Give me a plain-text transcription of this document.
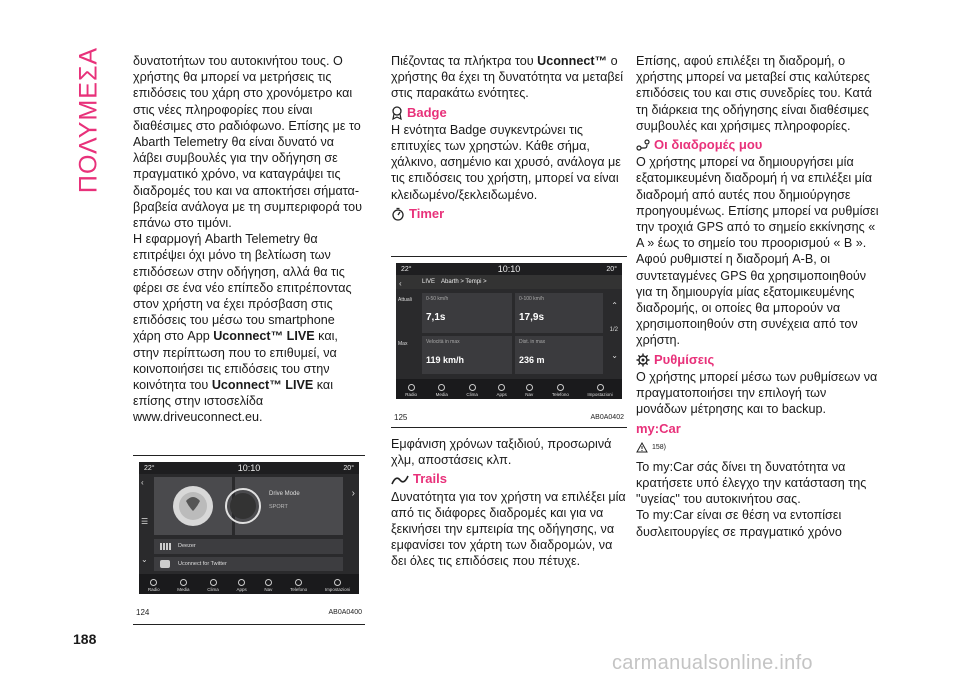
ΠΟΛΥΜΕΣΑ
188

δυνατοτήτων του αυτοκινήτου τους. Ο χρήστης θα μπορεί να μετρήσεις τις επιδόσεις του χάρη στο χρονόμετρο και στις νέες πληροφορίες που είναι διαθέσιμες στο ραδιόφωνο. Επίσης με το Abarth Telemetry θα είναι δυνατό να λάβει συμβουλές για την οδήγηση σε πραγματικό χρόνο, να καταγράψει τις διαδρομές του και να αποκτήσει σήματα-βραβεία ανάλογα με τη συμπεριφορά του επάνω στο τιμόνι.

Η εφαρμογή Abarth Telemetry θα επιτρέψει όχι μόνο τη βελτίωση των επιδόσεων στην οδήγηση, αλλά θα τις φέρει σε ένα νέο επίπεδο επιτρέποντας στον χρήστη να έχει πρόσβαση στις επιδόσεις του μέσω του smartphone χάρη στο App Uconnect™ LIVE και, στην περίπτωση που το επιθυμεί, να κοινοποιήσει τις επιδόσεις του στην κοινότητα του Uconnect™ LIVE και επίσης στην ιστοσελίδα www.driveuconnect.eu.

22°	10:10	20°
‹
☰
⌄
Drive Mode
SPORT
›
Deezer
Uconnect for Twitter
Radio	Media	Clima	Apps	Nav	Telefono	Impostazioni
124	AB0A0400

Πιέζοντας τα πλήκτρα του Uconnect™ ο χρήστης θα έχει τη δυνατότητα να μεταβεί στις παρακάτω ενότητες.

Badge

Η ενότητα Badge συγκεντρώνει τις επιτυχίες των χρηστών. Κάθε σήμα, χάλκινο, ασημένιο και χρυσό, ανάλογα με τις επιδόσεις του χρήστη, μπορεί να είναι κλειδωμένο/ξεκλειδωμένο.

Timer
22°	10:10	20°
LIVE Abarth > Tempi >
‹
Attuali
Max
0-50 km/h
7,1s
0-100 km/h
17,9s
Velocità in max
119 km/h
Dist. in max
236 m
⌃
1/2
⌄
Radio	Media	Clima	Apps	Nav	Telefono	Impostazioni
125	AB0A0402

Εμφάνιση χρόνων ταξιδιού, προσωρινά χλμ, αποστάσεις κλπ.

Trails

Δυνατότητα για τον χρήστη να επιλέξει μία από τις διάφορες διαδρομές και για να ξεκινήσει την εμπειρία της οδήγησης, να εμφανίσει τον χάρτη των διαδρομών, να δει όλες τις επιδόσεις που πέτυχε.

Επίσης, αφού επιλέξει τη διαδρομή, ο χρήστης μπορεί να μεταβεί στις καλύτερες επιδόσεις του και στις συνεδρίες του. Κατά τη διάρκεια της οδήγησης είναι διαθέσιμες συμβουλές και χρήσιμες πληροφορίες.

Οι διαδρομές μου

Ο χρήστης μπορεί να δημιουργήσει μία εξατομικευμένη διαδρομή ή να επιλέξει μία διαδρομή από αυτές που δημιούργησε προηγουμένως. Επίσης μπορεί να ρυθμίσει την τροχιά GPS από το σημείο εκκίνησης « A » έως το σημείο του προορισμού « B ». Αφού ρυθμιστεί η διαδρομή A-B, οι συντεταγμένες GPS θα χρησιμοποιηθούν για τη δημιουργία μίας εξατομικευμένης διαδρομής, οι οποίες θα μπορούν να χρησιμοποιηθούν στη συνέχεια από τον χρήστη.

Ρυθμίσεις

Ο χρήστης μπορεί μέσω των ρυθμίσεων να πραγματοποιήσει την επιλογή των μονάδων μέτρησης και το backup.

my:Car
158)

Το my:Car σάς δίνει τη δυνατότητα να κρατήσετε υπό έλεγχο την κατάσταση της "υγείας" του αυτοκινήτου σας.

Το my:Car είναι σε θέση να εντοπίσει δυσλειτουργίες σε πραγματικό χρόνο

carmanualsonline.info
